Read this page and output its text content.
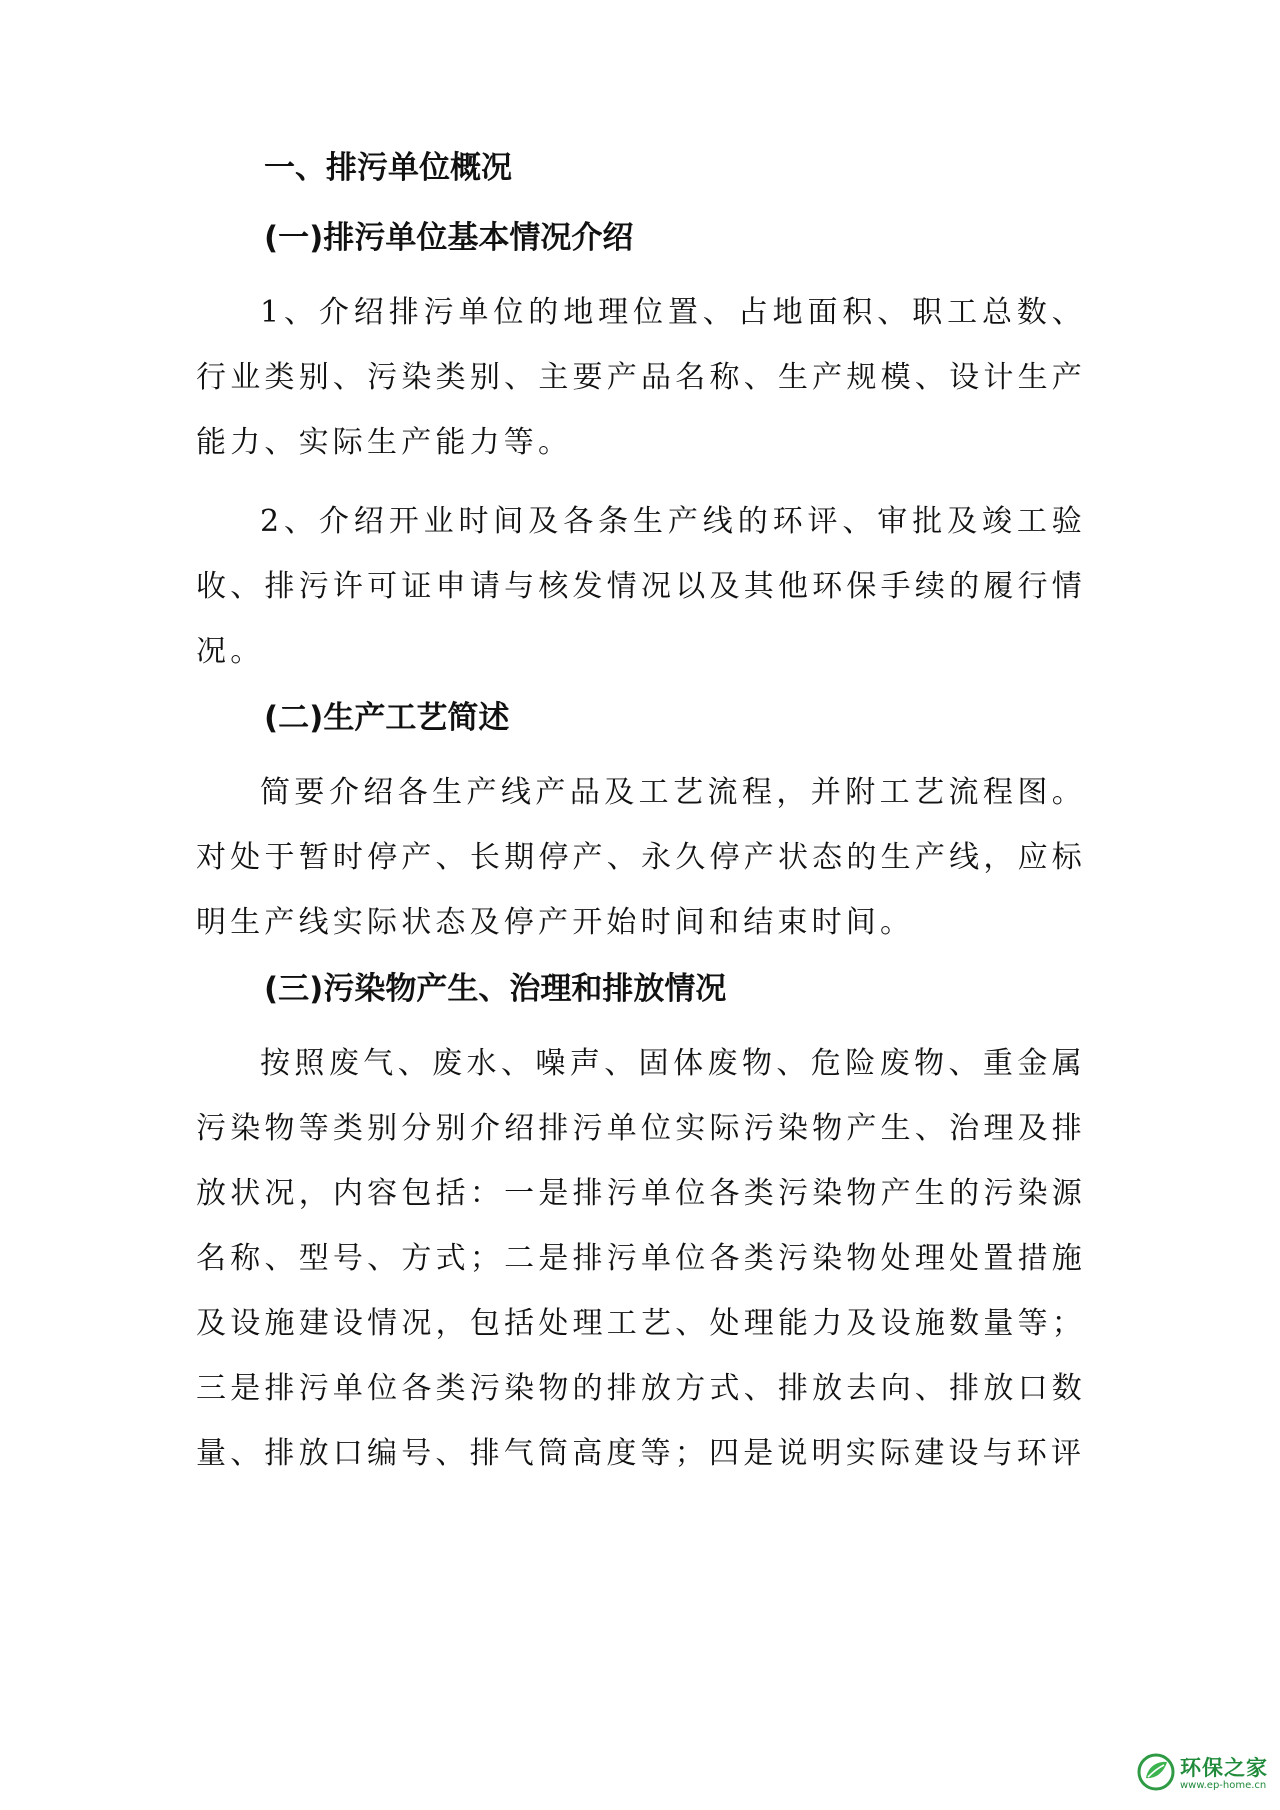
一、排污单位概况
(一)排污单位基本情况介绍

1、介绍排污单位的地理位置、占地面积、职工总数、行业类别、污染类别、主要产品名称、生产规模、设计生产能力、实际生产能力等。

2、介绍开业时间及各条生产线的环评、审批及竣工验收、排污许可证申请与核发情况以及其他环保手续的履行情况。

(二)生产工艺简述

简要介绍各生产线产品及工艺流程，并附工艺流程图。对处于暂时停产、长期停产、永久停产状态的生产线，应标明生产线实际状态及停产开始时间和结束时间。

(三)污染物产生、治理和排放情况

按照废气、废水、噪声、固体废物、危险废物、重金属污染物等类别分别介绍排污单位实际污染物产生、治理及排放状况，内容包括：一是排污单位各类污染物产生的污染源名称、型号、方式；二是排污单位各类污染物处理处置措施及设施建设情况，包括处理工艺、处理能力及设施数量等；三是排污单位各类污染物的排放方式、排放去向、排放口数量、排放口编号、排气筒高度等；四是说明实际建设与环评

环保之家
www.ep-home.cn
